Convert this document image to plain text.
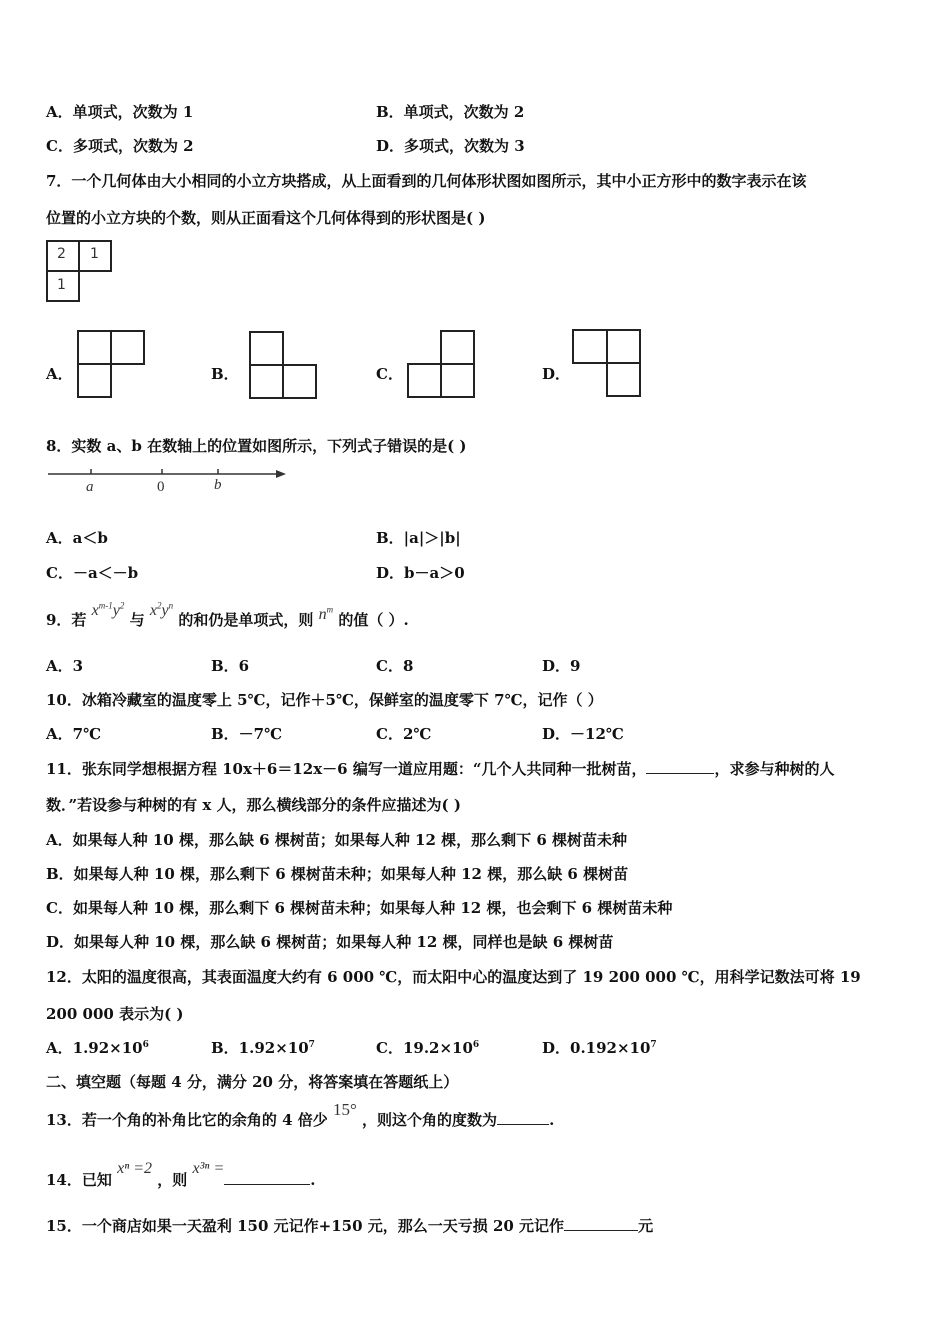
A．单项式，次数为 1	B．单项式，次数为 2
C．多项式，次数为 2	D．多项式，次数为 3
7．一个几何体由大小相同的小立方块搭成，从上面看到的几何体形状图如图所示，其中小正方形中的数字表示在该
位置的小立方块的个数，则从正面看这个几何体得到的形状图是( )
2 1
1
A．	B．	C．	D．
8．实数 a、b 在数轴上的位置如图所示，下列式子错误的是( )
a	0	b
A．a＜b	B．|a|＞|b|
C．－a＜－b	D．b－a＞0
9．若 $x^{m-1}y^2$ 与 $x^2y^n$ 的和仍是单项式，则 $n^m$ 的值（ ）.
A．3	B．6	C．8	D．9
10．冰箱冷藏室的温度零上 5℃，记作＋5℃，保鲜室的温度零下 7℃，记作（ ）
A．7℃	B．－7℃	C．2℃	D．－12℃
11．张东同学想根据方程 10x＋6＝12x－6 编写一道应用题：“几个人共同种一批树苗，	，求参与种树的人
数．”若设参与种树的有 x 人，那么横线部分的条件应描述为( )
A．如果每人种 10 棵，那么缺 6 棵树苗；如果每人种 12 棵，那么剩下 6 棵树苗未种
B．如果每人种 10 棵，那么剩下 6 棵树苗未种；如果每人种 12 棵，那么缺 6 棵树苗
C．如果每人种 10 棵，那么剩下 6 棵树苗未种；如果每人种 12 棵，也会剩下 6 棵树苗未种
D．如果每人种 10 棵，那么缺 6 棵树苗；如果每人种 12 棵，同样也是缺 6 棵树苗
12．太阳的温度很高，其表面温度大约有 6 000 ℃，而太阳中心的温度达到了 19 200 000 ℃，用科学记数法可将 19
200 000 表示为( )
A．$1.92\times 10^6$	B．$1.92\times 10^7$	C．$19.2\times 10^6$	D．$0.192\times 10^7$
二、填空题（每题 4 分，满分 20 分，将答案填在答题纸上）
13．若一个角的补角比它的余角的 4 倍少 15° ，则这个角的度数为	.
14．已知 xⁿ =2 ，则 x³ⁿ =.
15．一个商店如果一天盈利 150 元记作+150 元，那么一天亏损 20 元记作	元
